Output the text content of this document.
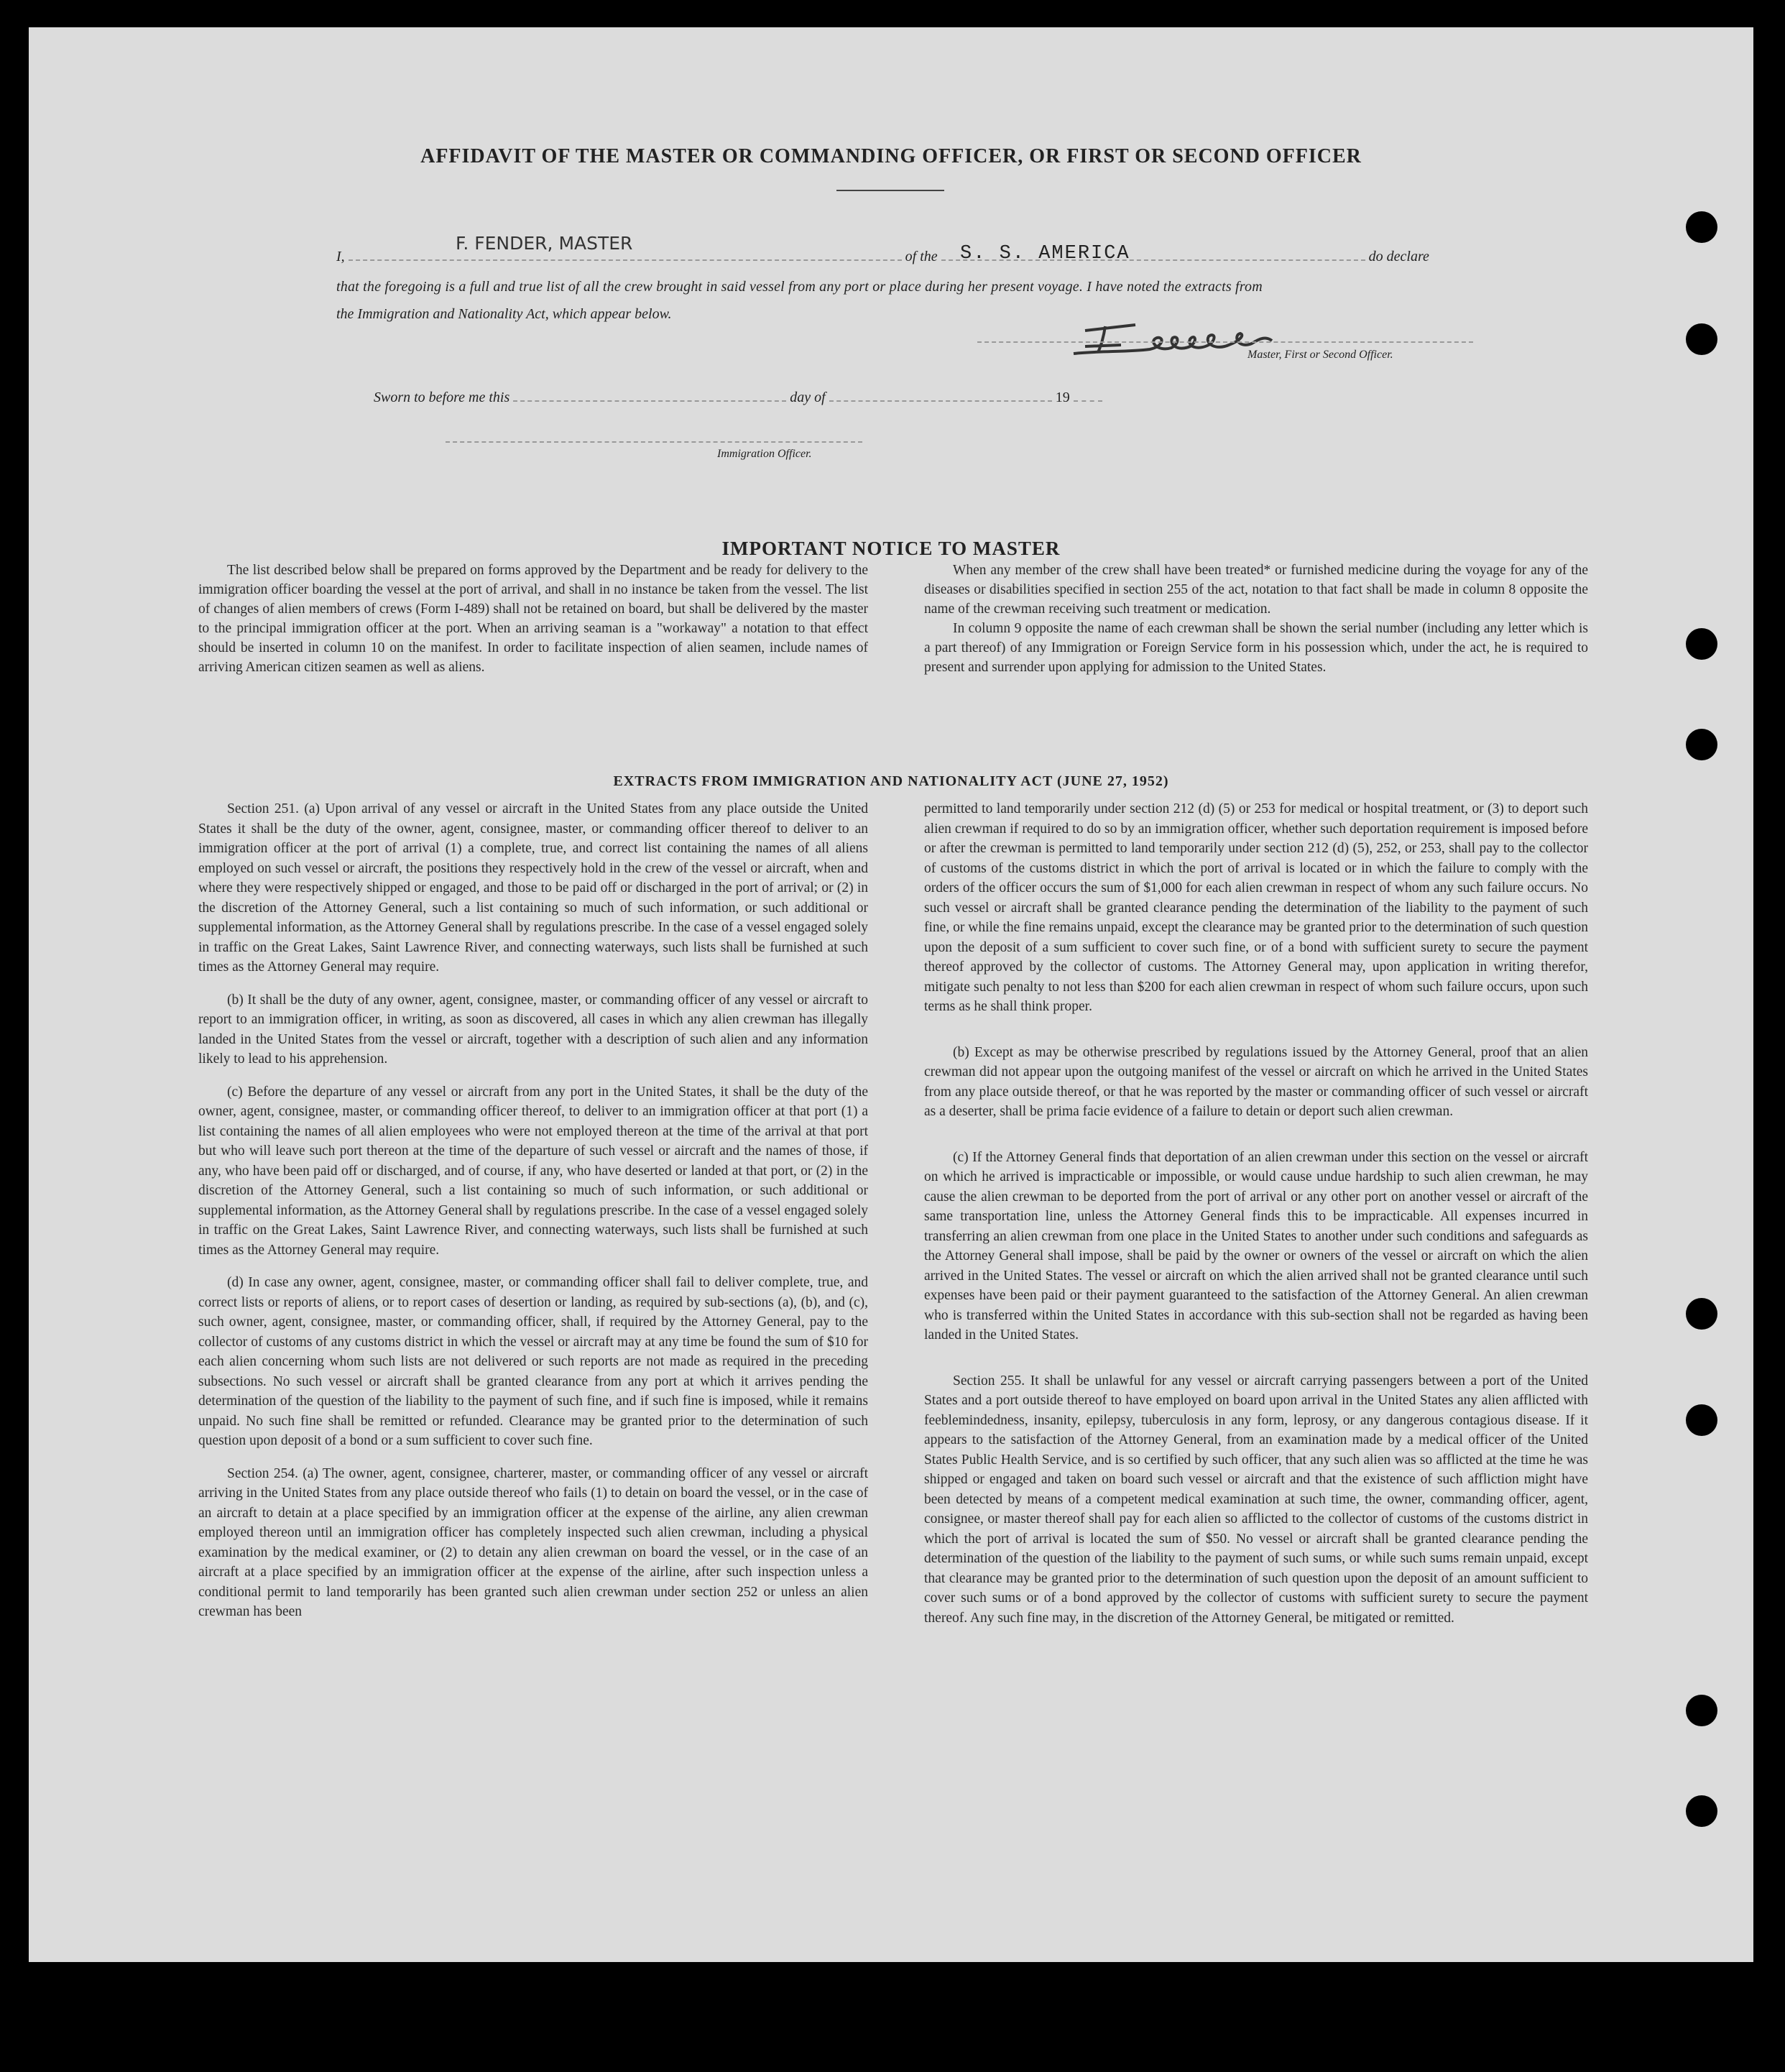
AFFIDAVIT OF THE MASTER OR COMMANDING OFFICER, OR FIRST OR SECOND OFFICER
I,	of the	do declare
F. FENDER, MASTER	S. S. AMERICA
that the foregoing is a full and true list of all the crew brought in said vessel from any port or place during her present voyage. I have noted the extracts from
the Immigration and Nationality Act, which appear below.
Master, First or Second Officer.
Sworn to before me this	day of	19
Immigration Officer.
IMPORTANT NOTICE TO MASTER

The list described below shall be prepared on forms approved by the Department and be ready for delivery to the immigration officer boarding the vessel at the port of arrival, and shall in no instance be taken from the vessel. The list of changes of alien members of crews (Form I-489) shall not be retained on board, but shall be delivered by the master to the principal immigration officer at the port. When an arriving seaman is a "workaway" a notation to that effect should be inserted in column 10 on the manifest. In order to facilitate inspection of alien seamen, include names of arriving American citizen seamen as well as aliens.

When any member of the crew shall have been treated* or furnished medicine during the voyage for any of the diseases or disabilities specified in section 255 of the act, notation to that fact shall be made in column 8 opposite the name of the crewman receiving such treatment or medication.

In column 9 opposite the name of each crewman shall be shown the serial number (including any letter which is a part thereof) of any Immigration or Foreign Service form in his possession which, under the act, he is required to present and surrender upon applying for admission to the United States.

EXTRACTS FROM IMMIGRATION AND NATIONALITY ACT (JUNE 27, 1952)

Section 251. (a) Upon arrival of any vessel or aircraft in the United States from any place outside the United States it shall be the duty of the owner, agent, consignee, master, or commanding officer thereof to deliver to an immigration officer at the port of arrival (1) a complete, true, and correct list containing the names of all aliens employed on such vessel or aircraft, the positions they respectively hold in the crew of the vessel or aircraft, when and where they were respectively shipped or engaged, and those to be paid off or discharged in the port of arrival; or (2) in the discretion of the Attorney General, such a list containing so much of such information, or such additional or supplemental information, as the Attorney General shall by regulations prescribe. In the case of a vessel engaged solely in traffic on the Great Lakes, Saint Lawrence River, and connecting waterways, such lists shall be furnished at such times as the Attorney General may require.

(b) It shall be the duty of any owner, agent, consignee, master, or commanding officer of any vessel or aircraft to report to an immigration officer, in writing, as soon as discovered, all cases in which any alien crewman has illegally landed in the United States from the vessel or aircraft, together with a description of such alien and any information likely to lead to his apprehension.

(c) Before the departure of any vessel or aircraft from any port in the United States, it shall be the duty of the owner, agent, consignee, master, or commanding officer thereof, to deliver to an immigration officer at that port (1) a list containing the names of all alien employees who were not employed thereon at the time of the arrival at that port but who will leave such port thereon at the time of the departure of such vessel or aircraft and the names of those, if any, who have been paid off or discharged, and of course, if any, who have deserted or landed at that port, or (2) in the discretion of the Attorney General, such a list containing so much of such information, or such additional or supplemental information, as the Attorney General shall by regulations prescribe. In the case of a vessel engaged solely in traffic on the Great Lakes, Saint Lawrence River, and connecting waterways, such lists shall be furnished at such times as the Attorney General may require.

(d) In case any owner, agent, consignee, master, or commanding officer shall fail to deliver complete, true, and correct lists or reports of aliens, or to report cases of desertion or landing, as required by sub-sections (a), (b), and (c), such owner, agent, consignee, master, or commanding officer, shall, if required by the Attorney General, pay to the collector of customs of any customs district in which the vessel or aircraft may at any time be found the sum of $10 for each alien concerning whom such lists are not delivered or such reports are not made as required in the preceding subsections. No such vessel or aircraft shall be granted clearance from any port at which it arrives pending the determination of the question of the liability to the payment of such fine, and if such fine is imposed, while it remains unpaid. No such fine shall be remitted or refunded. Clearance may be granted prior to the determination of such question upon deposit of a bond or a sum sufficient to cover such fine.

Section 254. (a) The owner, agent, consignee, charterer, master, or commanding officer of any vessel or aircraft arriving in the United States from any place outside thereof who fails (1) to detain on board the vessel, or in the case of an aircraft to detain at a place specified by an immigration officer at the expense of the airline, any alien crewman employed thereon until an immigration officer has completely inspected such alien crewman, including a physical examination by the medical examiner, or (2) to detain any alien crewman on board the vessel, or in the case of an aircraft at a place specified by an immigration officer at the expense of the airline, after such inspection unless a conditional permit to land temporarily has been granted such alien crewman under section 252 or unless an alien crewman has been

permitted to land temporarily under section 212 (d) (5) or 253 for medical or hospital treatment, or (3) to deport such alien crewman if required to do so by an immigration officer, whether such deportation requirement is imposed before or after the crewman is permitted to land temporarily under section 212 (d) (5), 252, or 253, shall pay to the collector of customs of the customs district in which the port of arrival is located or in which the failure to comply with the orders of the officer occurs the sum of $1,000 for each alien crewman in respect of whom any such failure occurs. No such vessel or aircraft shall be granted clearance pending the determination of the liability to the payment of such fine, or while the fine remains unpaid, except the clearance may be granted prior to the determination of such question upon the deposit of a sum sufficient to cover such fine, or of a bond with sufficient surety to secure the payment thereof approved by the collector of customs. The Attorney General may, upon application in writing therefor, mitigate such penalty to not less than $200 for each alien crewman in respect of whom such failure occurs, upon such terms as he shall think proper.

(b) Except as may be otherwise prescribed by regulations issued by the Attorney General, proof that an alien crewman did not appear upon the outgoing manifest of the vessel or aircraft on which he arrived in the United States from any place outside thereof, or that he was reported by the master or commanding officer of such vessel or aircraft as a deserter, shall be prima facie evidence of a failure to detain or deport such alien crewman.

(c) If the Attorney General finds that deportation of an alien crewman under this section on the vessel or aircraft on which he arrived is impracticable or impossible, or would cause undue hardship to such alien crewman, he may cause the alien crewman to be deported from the port of arrival or any other port on another vessel or aircraft of the same transportation line, unless the Attorney General finds this to be impracticable. All expenses incurred in transferring an alien crewman from one place in the United States to another under such conditions and safeguards as the Attorney General shall impose, shall be paid by the owner or owners of the vessel or aircraft on which the alien arrived in the United States. The vessel or aircraft on which the alien arrived shall not be granted clearance until such expenses have been paid or their payment guaranteed to the satisfaction of the Attorney General. An alien crewman who is transferred within the United States in accordance with this sub-section shall not be regarded as having been landed in the United States.

Section 255. It shall be unlawful for any vessel or aircraft carrying passengers between a port of the United States and a port outside thereof to have employed on board upon arrival in the United States any alien afflicted with feeblemindedness, insanity, epilepsy, tuberculosis in any form, leprosy, or any dangerous contagious disease. If it appears to the satisfaction of the Attorney General, from an examination made by a medical officer of the United States Public Health Service, and is so certified by such officer, that any such alien was so afflicted at the time he was shipped or engaged and taken on board such vessel or aircraft and that the existence of such affliction might have been detected by means of a competent medical examination at such time, the owner, commanding officer, agent, consignee, or master thereof shall pay for each alien so afflicted to the collector of customs of the customs district in which the port of arrival is located the sum of $50. No vessel or aircraft shall be granted clearance pending the determination of the question of the liability to the payment of such sums, or while such sums remain unpaid, except that clearance may be granted prior to the determination of such question upon the deposit of an amount sufficient to cover such sums or of a bond approved by the collector of customs with sufficient surety to secure the payment thereof. Any such fine may, in the discretion of the Attorney General, be mitigated or remitted.
